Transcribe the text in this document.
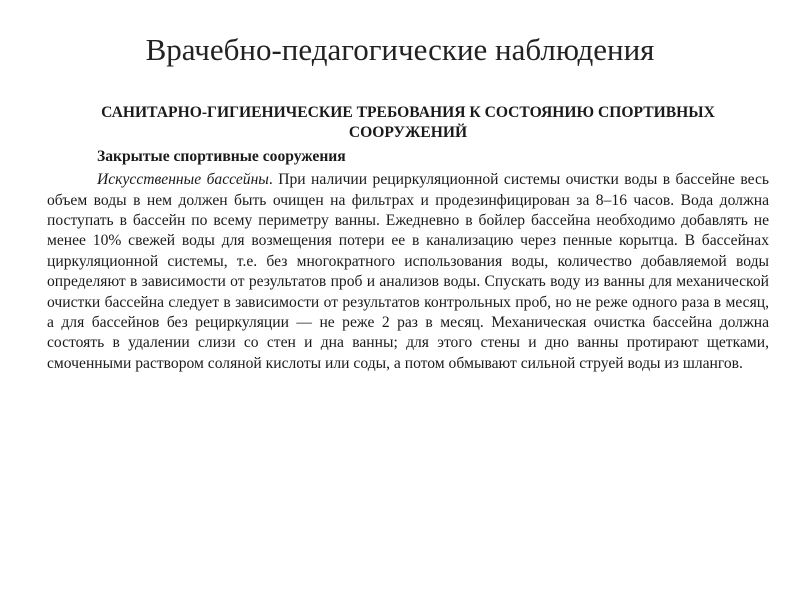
Врачебно-педагогические наблюдения

САНИТАРНО-ГИГИЕНИЧЕСКИЕ ТРЕБОВАНИЯ К СОСТОЯНИЮ СПОРТИВНЫХ СООРУЖЕНИЙ

Закрытые спортивные сооружения

Искусственные бассейны. При наличии рециркуляционной системы очистки воды в бассейне весь объем воды в нем должен быть очищен на фильтрах и продезинфицирован за 8–16 часов. Вода должна поступать в бассейн по всему периметру ванны. Ежедневно в бойлер бассейна необходимо добавлять не менее 10% свежей воды для возмещения потери ее в канализацию через пенные корытца. В бассейнах циркуляционной системы, т.е. без многократного использования воды, количество добавляемой воды определяют в зависимости от результатов проб и анализов воды. Спускать воду из ванны для механической очистки бассейна следует в зависимости от результатов контрольных проб, но не реже одного раза в месяц, а для бассейнов без рециркуляции — не реже 2 раз в месяц. Механическая очистка бассейна должна состоять в удалении слизи со стен и дна ванны; для этого стены и дно ванны протирают щетками, смоченными раствором соляной кислоты или соды, а потом обмывают сильной струей воды из шлангов.
